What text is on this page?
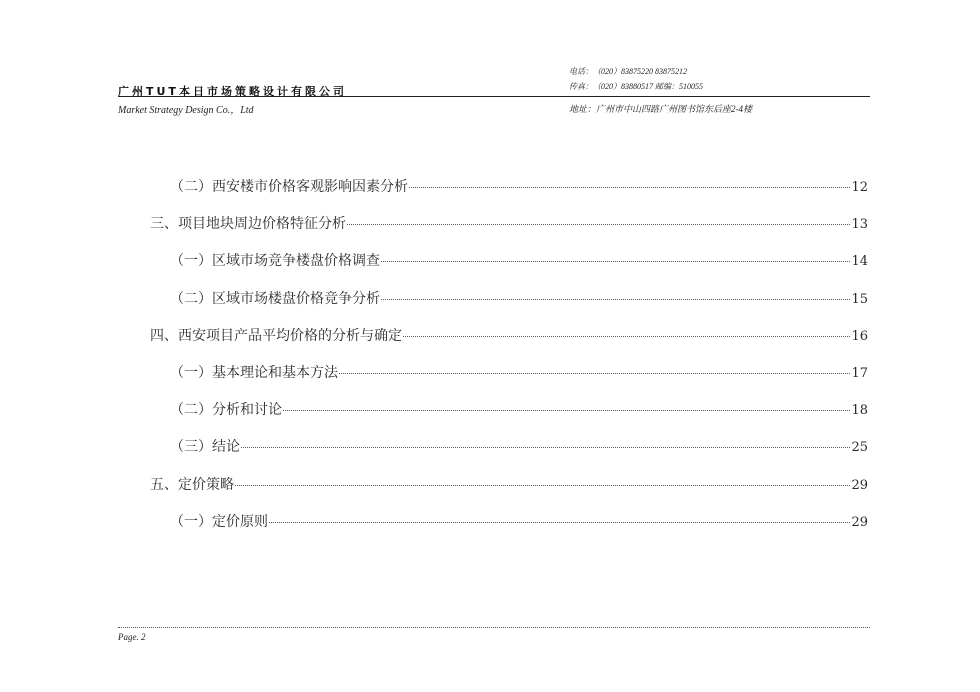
电话：（020）83875220 83875212
传真：（020）83880517 邮编：510055
广州TUT本日市场策略设计有限公司
Market Strategy Design Co.，Ltd	地址：广州市中山四路广州图书馆东后座2-4楼
（二）西安楼市价格客观影响因素分析	12
三、项目地块周边价格特征分析	13
（一）区域市场竞争楼盘价格调查	14
（二）区域市场楼盘价格竞争分析	15
四、西安项目产品平均价格的分析与确定	16
（一）基本理论和基本方法	17
（二）分析和讨论	18
（三）结论	25
五、定价策略	29
（一）定价原则	29
Page. 2
